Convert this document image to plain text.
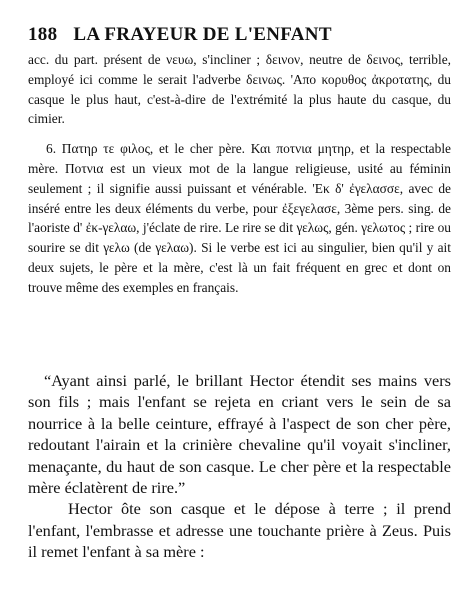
188 LA FRAYEUR DE L'ENFANT

acc. du part. présent de νευω, s'incliner ; δεινον, neutre de δεινος, terrible, employé ici comme le serait l'adverbe δεινως. 'Απο κορυθος ἀκροτατης, du casque le plus haut, c'est-à-dire de l'extrémité la plus haute du casque, du cimier.

6. Πατηρ τε φιλος, et le cher père. Και ποτνια μητηρ, et la respectable mère. Ποτνια est un vieux mot de la langue religieuse, usité au féminin seulement ; il signifie aussi puissant et vénérable. 'Εκ δ' ἐγελασσε, avec de inséré entre les deux éléments du verbe, pour ἐξεγελασε, 3ème pers. sing. de l'aoriste d' ἐκ-γελαω, j'éclate de rire. Le rire se dit γελως, gén. γελωτος ; rire ou sourire se dit γελω (de γελαω). Si le verbe est ici au singulier, bien qu'il y ait deux sujets, le père et la mère, c'est là un fait fréquent en grec et dont on trouve même des exemples en français.

“Ayant ainsi parlé, le brillant Hector étendit ses mains vers son fils ; mais l'enfant se rejeta en criant vers le sein de sa nourrice à la belle ceinture, effrayé à l'aspect de son cher père, redoutant l'airain et la crinière chevaline qu'il voyait s'incliner, menaçante, du haut de son casque. Le cher père et la respectable mère éclatèrent de rire.”

Hector ôte son casque et le dépose à terre ; il prend l'enfant, l'embrasse et adresse une touchante prière à Zeus. Puis il remet l'enfant à sa mère :
